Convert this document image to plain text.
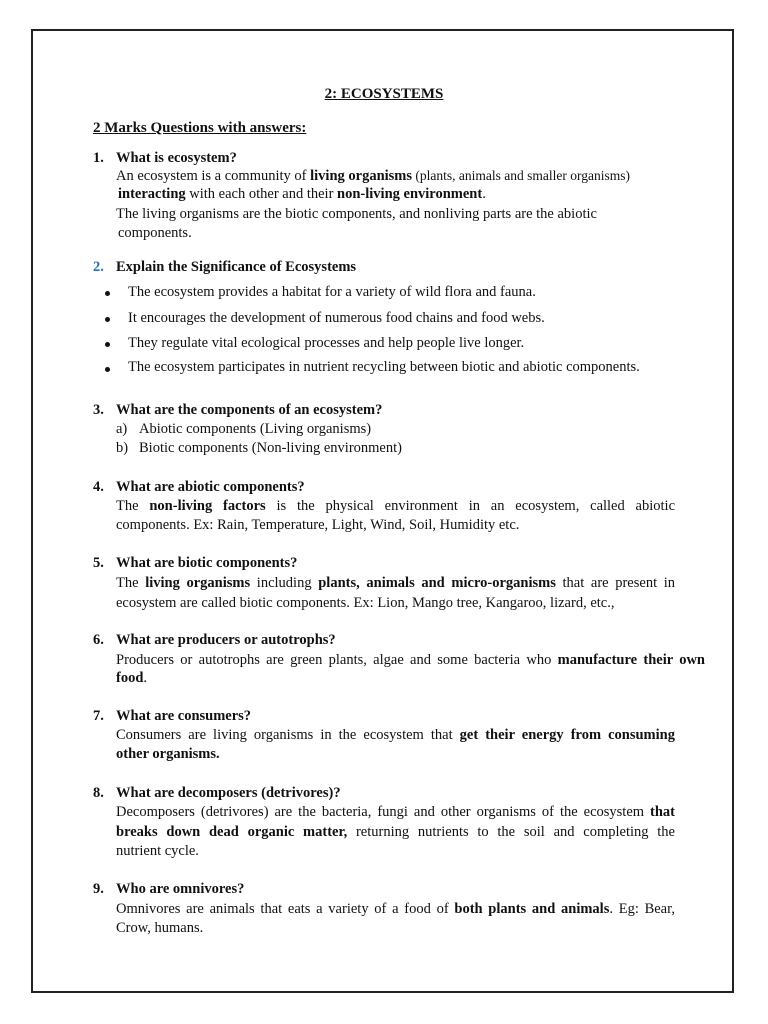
2: ECOSYSTEMS
2 Marks Questions with answers:
1. What is ecosystem?
An ecosystem is a community of living organisms (plants, animals and smaller organisms)
interacting with each other and their non-living environment.
The living organisms are the biotic components, and nonliving parts are the abiotic
components.
2. Explain the Significance of Ecosystems
The ecosystem provides a habitat for a variety of wild flora and fauna.
It encourages the development of numerous food chains and food webs.
They regulate vital ecological processes and help people live longer.
The ecosystem participates in nutrient recycling between biotic and abiotic components.
3. What are the components of an ecosystem?
a) Abiotic components (Living organisms)
b) Biotic components (Non-living environment)
4. What are abiotic components?
The non-living factors is the physical environment in an ecosystem, called abiotic
components. Ex: Rain, Temperature, Light, Wind, Soil, Humidity etc.
5. What are biotic components?
The living organisms including plants, animals and micro-organisms that are present in
ecosystem are called biotic components. Ex: Lion, Mango tree, Kangaroo, lizard, etc.,
6. What are producers or autotrophs?
Producers or autotrophs are green plants, algae and some bacteria who manufacture their own
food.
7. What are consumers?
Consumers are living organisms in the ecosystem that get their energy from consuming
other organisms.
8. What are decomposers (detrivores)?
Decomposers (detrivores) are the bacteria, fungi and other organisms of the ecosystem that
breaks down dead organic matter, returning nutrients to the soil and completing the
nutrient cycle.
9. Who are omnivores?
Omnivores are animals that eats a variety of a food of both plants and animals. Eg: Bear,
Crow, humans.
